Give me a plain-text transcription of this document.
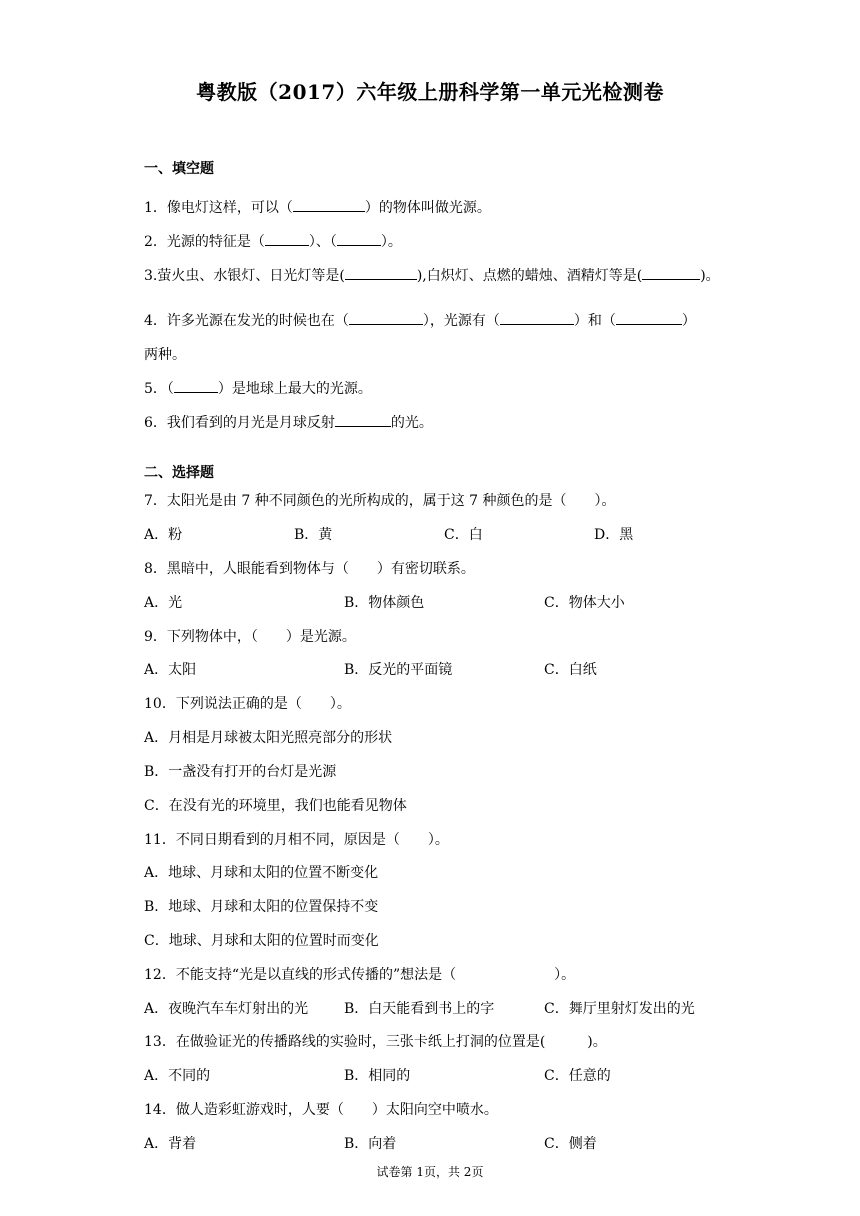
粤教版（2017）六年级上册科学第一单元光检测卷
一、填空题
1．像电灯这样，可以（	）的物体叫做光源。
2．光源的特征是（	）、（	）。
3.萤火虫、水银灯、日光灯等是(	),白炽灯、点燃的蜡烛、酒精灯等是(	)。
4．许多光源在发光的时候也在（	），光源有（	）和（	）
两种。
5．（	）是地球上最大的光源。
6．我们看到的月光是月球反射	的光。
二、选择题
7．太阳光是由 7 种不同颜色的光所构成的，属于这 7 种颜色的是（　　）。
A．粉	B．黄	C．白	D．黑
8．黑暗中，人眼能看到物体与（　　）有密切联系。
A．光	B．物体颜色	C．物体大小
9．下列物体中，（　　）是光源。
A．太阳	B．反光的平面镜	C．白纸
10．下列说法正确的是（　　）。
A．月相是月球被太阳光照亮部分的形状
B．一盏没有打开的台灯是光源
C．在没有光的环境里，我们也能看见物体
11．不同日期看到的月相不同，原因是（　　）。
A．地球、月球和太阳的位置不断变化
B．地球、月球和太阳的位置保持不变
C．地球、月球和太阳的位置时而变化
12．不能支持“光是以直线的形式传播的”想法是（　　　　　　　）。
A．夜晚汽车车灯射出的光	B．白天能看到书上的字	C．舞厅里射灯发出的光
13．在做验证光的传播路线的实验时，三张卡纸上打洞的位置是(　　　)。
A．不同的	B．相同的	C．任意的
14．做人造彩虹游戏时，人要（　　）太阳向空中喷水。
A．背着	B．向着	C．侧着
试卷第 1页，共 2页
